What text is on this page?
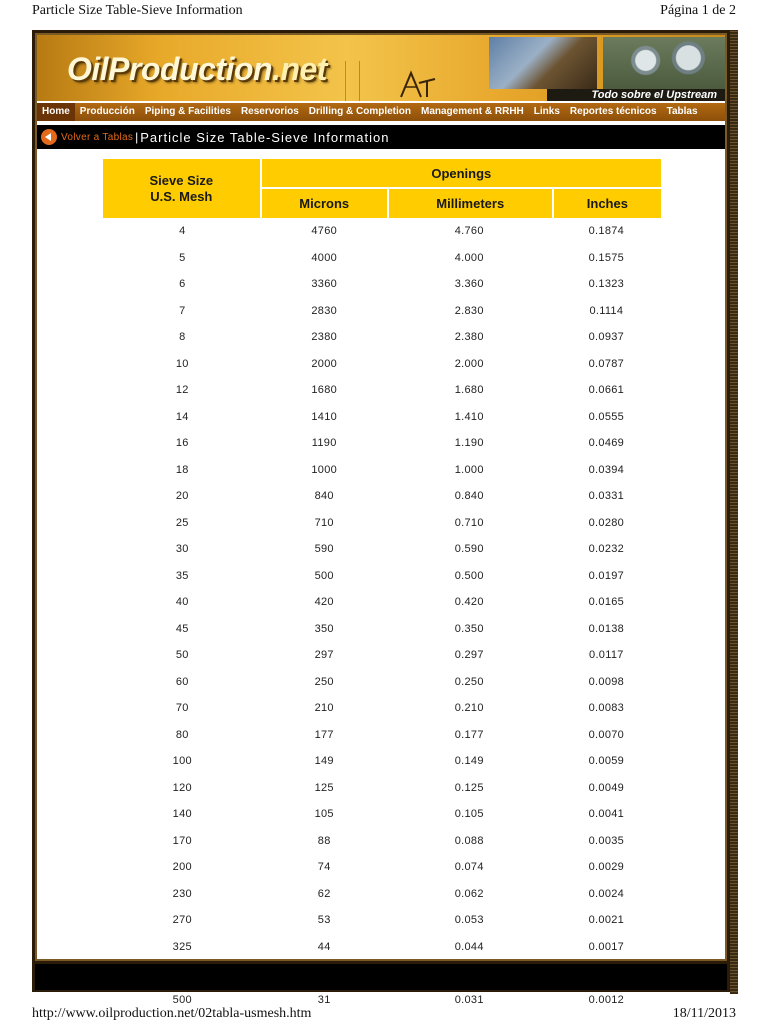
Particle Size Table-Sieve Information	Página 1 de 2
OilProduction.net
Todo sobre el Upstream
Home	Producción	Piping & Facilities	Reservorios	Drilling & Completion	Management & RRHH	Links	Reportes técnicos	Tablas
Volver a Tablas | Particle Size Table-Sieve Information
Sieve Size
U.S. Mesh	Openings		
	Microns	Millimeters	Inches
4	4760	4.760	0.1874
5	4000	4.000	0.1575
6	3360	3.360	0.1323
7	2830	2.830	0.1114
8	2380	2.380	0.0937
10	2000	2.000	0.0787
12	1680	1.680	0.0661
14	1410	1.410	0.0555
16	1190	1.190	0.0469
18	1000	1.000	0.0394
20	840	0.840	0.0331
25	710	0.710	0.0280
30	590	0.590	0.0232
35	500	0.500	0.0197
40	420	0.420	0.0165
45	350	0.350	0.0138
50	297	0.297	0.0117
60	250	0.250	0.0098
70	210	0.210	0.0083
80	177	0.177	0.0070
100	149	0.149	0.0059
120	125	0.125	0.0049
140	105	0.105	0.0041
170	88	0.088	0.0035
200	74	0.074	0.0029
230	62	0.062	0.0024
270	53	0.053	0.0021
325	44	0.044	0.0017

500	31	0.031	0.0012
http://www.oilproduction.net/02tabla-usmesh.htm	18/11/2013
